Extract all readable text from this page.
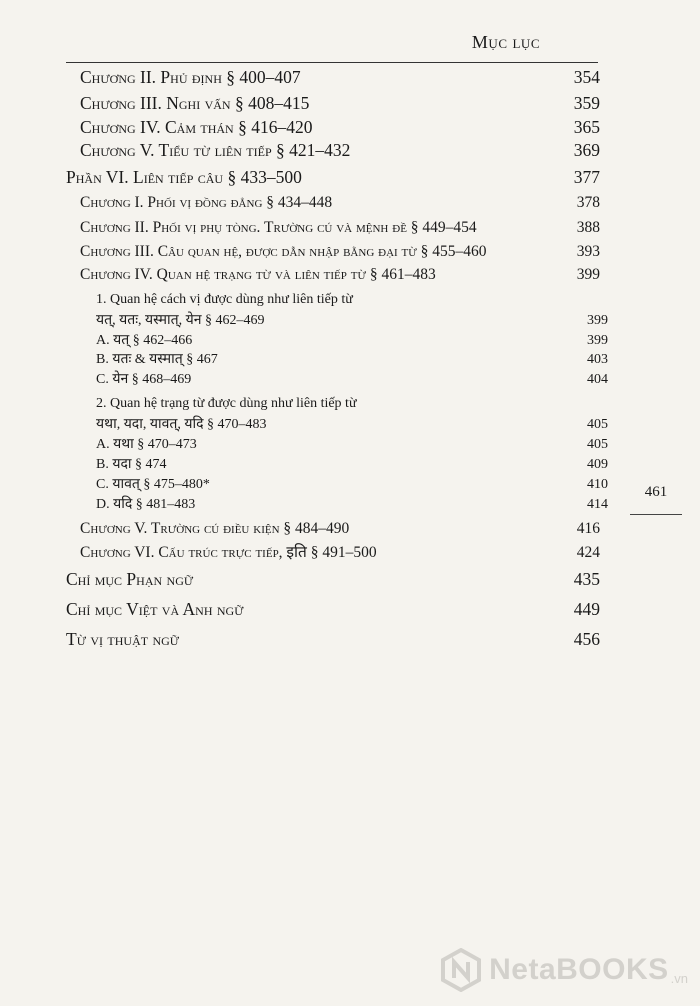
Mục lục
Chương II. Phủ định § 400–407	354
Chương III. Nghi vấn § 408–415	359
Chương IV. Cảm thán § 416–420	365
Chương V. Tiểu từ liên tiếp § 421–432	369
Phần VI. Liên tiếp câu § 433–500	377
Chương I. Phối vị đồng đẳng § 434–448	378
Chương II. Phối vị phụ tòng. Trường cú và mệnh đề § 449–454	388
Chương III. Câu quan hệ, được dẫn nhập bằng đại từ § 455–460	393
Chương IV. Quan hệ trạng từ và liên tiếp từ § 461–483	399
1. Quan hệ cách vị được dùng như liên tiếp từ
यत्, यतः, यस्मात्, येन § 462–469	399
A. यत् § 462–466	399
B. यतः & यस्मात् § 467	403
C. येन § 468–469	404
2. Quan hệ trạng từ được dùng như liên tiếp từ
यथा, यदा, यावत्, यदि § 470–483	405
A. यथा § 470–473	405
B. यदा § 474	409
C. यावत् § 475–480*	410
D. यदि § 481–483	414
Chương V. Trường cú điều kiện § 484–490	416
Chương VI. Cấu trúc trực tiếp, इति § 491–500	424
Chỉ mục Phạn ngữ	435
Chỉ mục Việt và Anh ngữ	449
Từ vị thuật ngữ	456
461
NetaBOOKS .vn
